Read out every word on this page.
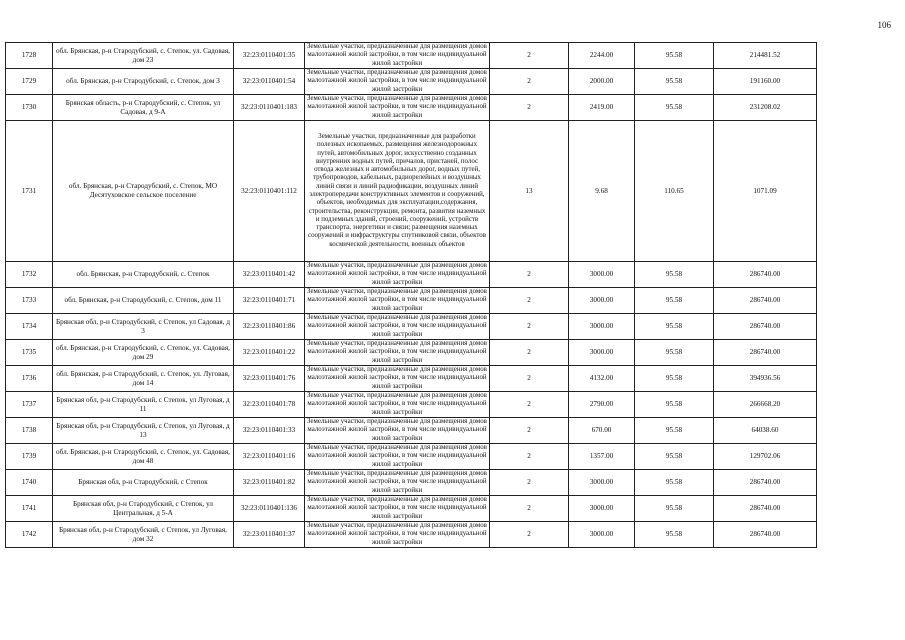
106
1728	обл. Брянская, р-н Стародубский, с. Степок, ул. Садовая, дом 23	32:23:0110401:35	Земельные участки, предназначенные для размещения домов малоэтажной жилой застройки, в том числе индивидуальной жилой застройки	2	2244.00	95.58	214481.52	
1729	обл. Брянская, р-н Стародубский, с. Степок, дом 3	32:23:0110401:54	Земельные участки, предназначенные для размещения домов малоэтажной жилой застройки, в том числе индивидуальной жилой застройки	2	2000.00	95.58	191160.00	
1730	Брянская область, р-н Стародубский, с. Степок, ул Садовая, д 9-А	32:23:0110401:183	Земельные участки, предназначенные для размещения домов малоэтажной жилой застройки, в том числе индивидуальной жилой застройки	2	2419.00	95.58	231208.02	
1731	обл. Брянская, р-н Стародубский, с. Степок, МО Десятуховское сельское поселение	32:23:0110401:112	Земельные участки, предназначенные для разработки полезных ископаемых, размещения железнодорожных путей, автомобильных дорог, искусственно созданных внутренних водных путей, причалов, пристаней, полос отвода железных и автомобильных дорог, водных путей, трубопроводов, кабельных, радиорелейных и воздушных линий связи и линий радиофикации, воздушных линий электропередачи конструктивных элементов и сооружений, объектов, необходимых для эксплуатации,содержания, строительства, реконструкции, ремонта, развития наземных и подземных зданий, строений, сооружений, устройств транспорта, энергетики и связи; размещения наземных сооружений и инфраструктуры спутниковой связи, объектов космической деятельности, военных объектов	13	9.68	110.65	1071.09	
1732	обл. Брянская, р-н Стародубский, с. Степок	32:23:0110401:42	Земельные участки, предназначенные для размещения домов малоэтажной жилой застройки, в том числе индивидуальной жилой застройки	2	3000.00	95.58	286740.00	
1733	обл. Брянская, р-н Стародубский, с. Степок, дом 11	32:23:0110401:71	Земельные участки, предназначенные для размещения домов малоэтажной жилой застройки, в том числе индивидуальной жилой застройки	2	3000.00	95.58	286740.00	
1734	Брянская обл, р-н Стародубский, с Степок, ул Садовая, д 3	32:23:0110401:86	Земельные участки, предназначенные для размещения домов малоэтажной жилой застройки, в том числе индивидуальной жилой застройки	2	3000.00	95.58	286740.00	
1735	обл. Брянская, р-н Стародубский, с. Степок, ул. Садовая, дом 29	32:23:0110401:22	Земельные участки, предназначенные для размещения домов малоэтажной жилой застройки, в том числе индивидуальной жилой застройки	2	3000.00	95.58	286740.00	
1736	обл. Брянская, р-н Стародубский, с. Степок, ул. Луговая, дом 14	32:23:0110401:76	Земельные участки, предназначенные для размещения домов малоэтажной жилой застройки, в том числе индивидуальной жилой застройки	2	4132.00	95.58	394936.56	
1737	Брянская обл, р-н Стародубский, с Степок, ул Луговая, д 11	32:23:0110401:78	Земельные участки, предназначенные для размещения домов малоэтажной жилой застройки, в том числе индивидуальной жилой застройки	2	2790.00	95.58	266668.20	
1738	Брянская обл, р-н Стародубский, с Степок, ул Луговая, д 13	32:23:0110401:33	Земельные участки, предназначенные для размещения домов малоэтажной жилой застройки, в том числе индивидуальной жилой застройки	2	670.00	95.58	64038.60	
1739	обл. Брянская, р-н Стародубский, с. Степок, ул. Садовая, дом 48	32:23:0110401:16	Земельные участки, предназначенные для размещения домов малоэтажной жилой застройки, в том числе индивидуальной жилой застройки	2	1357.00	95.58	129702.06	
1740	Брянская обл, р-н Стародубский, с Степок	32:23:0110401:82	Земельные участки, предназначенные для размещения домов малоэтажной жилой застройки, в том числе индивидуальной жилой застройки	2	3000.00	95.58	286740.00	
1741	Брянская обл, р-н Стародубский, с Степок, ул Центральная, д 5-А	32:23:0110401:136	Земельные участки, предназначенные для размещения домов малоэтажной жилой застройки, в том числе индивидуальной жилой застройки	2	3000.00	95.58	286740.00	
1742	Брянская обл, р-н Стародубский, с Степок, ул Луговая, дом 32	32:23:0110401:37	Земельные участки, предназначенные для размещения домов малоэтажной жилой застройки, в том числе индивидуальной жилой застройки	2	3000.00	95.58	286740.00	
